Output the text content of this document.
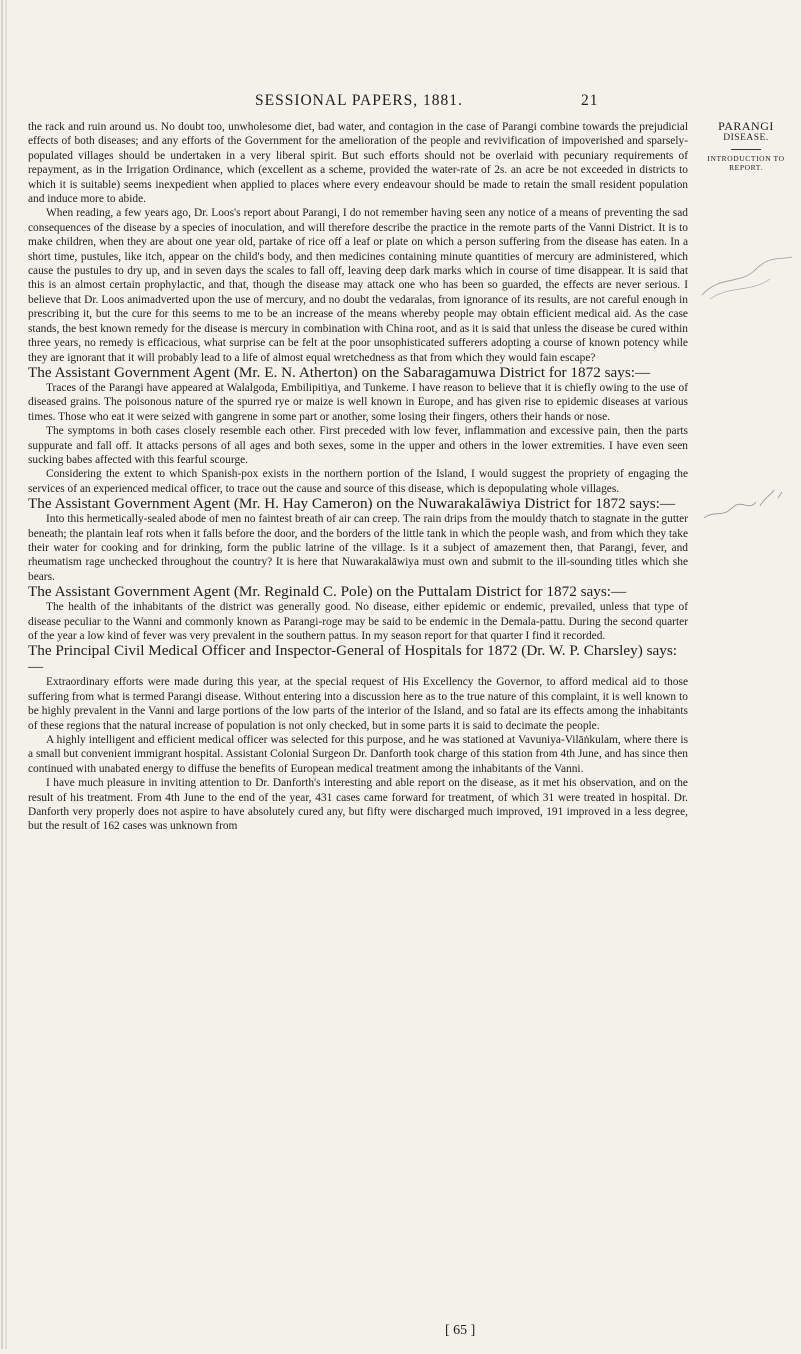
SESSIONAL PAPERS, 1881.	21
PARANGI
DISEASE.
INTRODUCTION TO
REPORT.

the rack and ruin around us. No doubt too, unwholesome diet, bad water, and contagion in the case of Parangi combine towards the prejudicial effects of both diseases; and any efforts of the Government for the amelioration of the people and revivification of impoverished and sparsely-populated villages should be undertaken in a very liberal spirit. But such efforts should not be overlaid with pecuniary requirements of repayment, as in the Irrigation Ordinance, which (excellent as a scheme, provided the water-rate of 2s. an acre be not exceeded in districts to which it is suitable) seems inexpedient when applied to places where every endeavour should be made to retain the small resident population and induce more to abide.

When reading, a few years ago, Dr. Loos's report about Parangi, I do not remember having seen any notice of a means of preventing the sad consequences of the disease by a species of inoculation, and will therefore describe the practice in the remote parts of the Vanni District. It is to make children, when they are about one year old, partake of rice off a leaf or plate on which a person suffering from the disease has eaten. In a short time, pustules, like itch, appear on the child's body, and then medicines containing minute quantities of mercury are administered, which cause the pustules to dry up, and in seven days the scales to fall off, leaving deep dark marks which in course of time disappear. It is said that this is an almost certain prophylactic, and that, though the disease may attack one who has been so guarded, the effects are never serious. I believe that Dr. Loos animadverted upon the use of mercury, and no doubt the vedaralas, from ignorance of its results, are not careful enough in prescribing it, but the cure for this seems to me to be an increase of the means whereby people may obtain efficient medical aid. As the case stands, the best known remedy for the disease is mercury in combination with China root, and as it is said that unless the disease be cured within three years, no remedy is efficacious, what surprise can be felt at the poor unsophisticated sufferers adopting a course of known potency while they are ignorant that it will probably lead to a life of almost equal wretchedness as that from which they would fain escape?

The Assistant Government Agent (Mr. E. N. Atherton) on the Sabaragamuwa District for 1872 says:—

Traces of the Parangi have appeared at Walalgoda, Embilipitiya, and Tunkeme. I have reason to believe that it is chiefly owing to the use of diseased grains. The poisonous nature of the spurred rye or maize is well known in Europe, and has given rise to epidemic diseases at various times. Those who eat it were seized with gangrene in some part or another, some losing their fingers, others their hands or nose.

The symptoms in both cases closely resemble each other. First preceded with low fever, inflammation and excessive pain, then the parts suppurate and fall off. It attacks persons of all ages and both sexes, some in the upper and others in the lower extremities. I have even seen sucking babes affected with this fearful scourge.

Considering the extent to which Spanish-pox exists in the northern portion of the Island, I would suggest the propriety of engaging the services of an experienced medical officer, to trace out the cause and source of this disease, which is depopulating whole villages.

The Assistant Government Agent (Mr. H. Hay Cameron) on the Nuwarakalāwiya District for 1872 says:—

Into this hermetically-sealed abode of men no faintest breath of air can creep. The rain drips from the mouldy thatch to stagnate in the gutter beneath; the plantain leaf rots when it falls before the door, and the borders of the little tank in which the people wash, and from which they take their water for cooking and for drinking, form the public latrine of the village. Is it a subject of amazement then, that Parangi, fever, and rheumatism rage unchecked throughout the country? It is here that Nuwarakalāwiya must own and submit to the ill-sounding titles which she bears.

The Assistant Government Agent (Mr. Reginald C. Pole) on the Puttalam District for 1872 says:—

The health of the inhabitants of the district was generally good. No disease, either epidemic or endemic, prevailed, unless that type of disease peculiar to the Wanni and commonly known as Parangi-roge may be said to be endemic in the Demala-pattu. During the second quarter of the year a low kind of fever was very prevalent in the southern pattus. In my season report for that quarter I find it recorded.

The Principal Civil Medical Officer and Inspector-General of Hospitals for 1872 (Dr. W. P. Charsley) says:—

Extraordinary efforts were made during this year, at the special request of His Excellency the Governor, to afford medical aid to those suffering from what is termed Parangi disease. Without entering into a discussion here as to the true nature of this complaint, it is well known to be highly prevalent in the Vanni and large portions of the low parts of the interior of the Island, and so fatal are its effects among the inhabitants of these regions that the natural increase of population is not only checked, but in some parts it is said to decimate the people.

A highly intelligent and efficient medical officer was selected for this purpose, and he was stationed at Vavuniya-Vilāṅkulam, where there is a small but convenient immigrant hospital. Assistant Colonial Surgeon Dr. Danforth took charge of this station from 4th June, and has since then continued with unabated energy to diffuse the benefits of European medical treatment among the inhabitants of the Vanni.

I have much pleasure in inviting attention to Dr. Danforth's interesting and able report on the disease, as it met his observation, and on the result of his treatment. From 4th June to the end of the year, 431 cases came forward for treatment, of which 31 were treated in hospital. Dr. Danforth very properly does not aspire to have absolutely cured any, but fifty were discharged much improved, 191 improved in a less degree, but the result of 162 cases was unknown from

[ 65 ]
